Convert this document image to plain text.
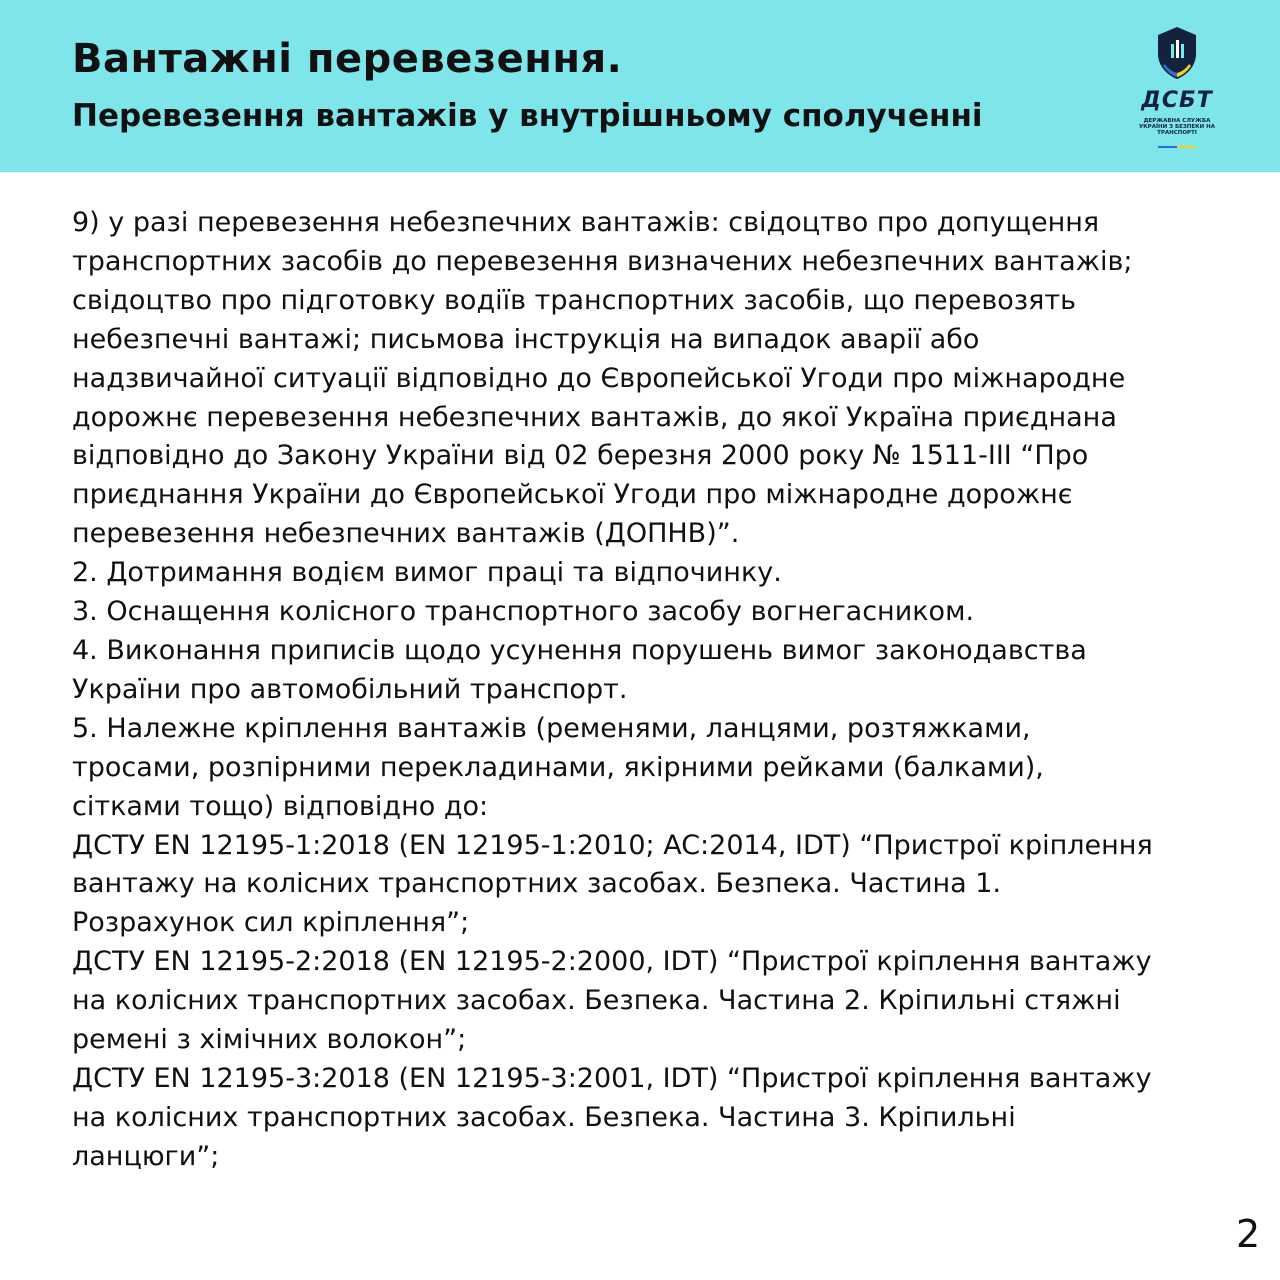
Вантажні перевезення.
Перевезення вантажів у внутрішньому сполученні	ДСБТ
ДЕРЖАВНА СЛУЖБА УКРАЇНИ З БЕЗПЕКИ НА ТРАНСПОРТІ

9) у разі перевезення небезпечних вантажів: свідоцтво про допущення

транспортних засобів до перевезення визначених небезпечних вантажів;

свідоцтво про підготовку водіїв транспортних засобів, що перевозять

небезпечні вантажі; письмова інструкція на випадок аварії або

надзвичайної ситуації відповідно до Європейської Угоди про міжнародне

дорожнє перевезення небезпечних вантажів, до якої Україна приєднана

відповідно до Закону України від 02 березня 2000 року № 1511-III “Про

приєднання України до Європейської Угоди про міжнародне дорожнє

перевезення небезпечних вантажів (ДОПНВ)”.

2. Дотримання водієм вимог праці та відпочинку.

3. Оснащення колісного транспортного засобу вогнегасником.

4. Виконання приписів щодо усунення порушень вимог законодавства

України про автомобільний транспорт.

5. Належне кріплення вантажів (ременями, ланцями, розтяжками,

тросами, розпірними перекладинами, якірними рейками (балками),

сітками тощо) відповідно до:

ДСТУ EN 12195-1:2018 (EN 12195-1:2010; AC:2014, IDT) “Пристрої кріплення

вантажу на колісних транспортних засобах. Безпека. Частина 1.

Розрахунок сил кріплення”;

ДСТУ EN 12195-2:2018 (EN 12195-2:2000, IDT) “Пристрої кріплення вантажу

на колісних транспортних засобах. Безпека. Частина 2. Кріпильні стяжні

ремені з хімічних волокон”;

ДСТУ EN 12195-3:2018 (EN 12195-3:2001, IDT) “Пристрої кріплення вантажу

на колісних транспортних засобах. Безпека. Частина 3. Кріпильні

ланцюги”;

2
